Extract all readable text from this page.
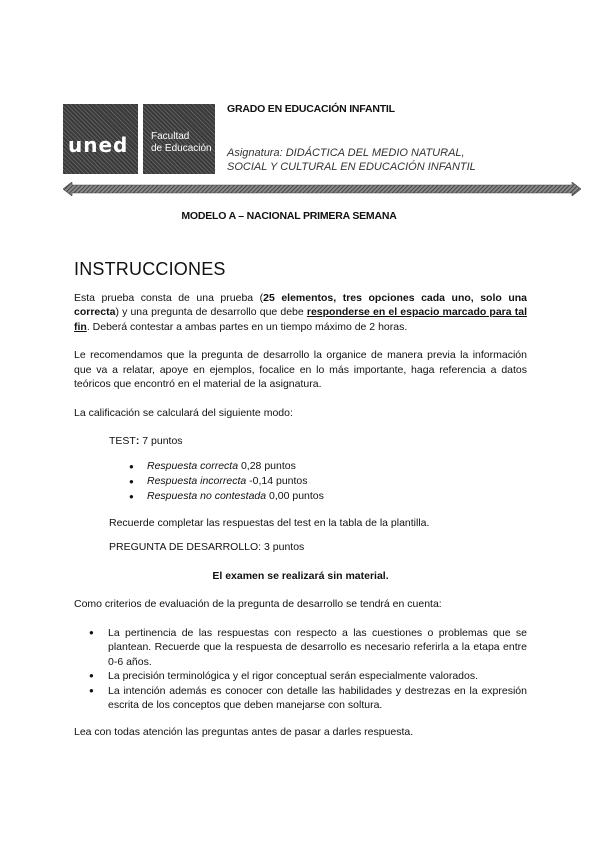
uned Facultad
de Educación
GRADO EN EDUCACIÓN INFANTIL
Asignatura: DIDÁCTICA DEL MEDIO NATURAL,
SOCIAL Y CULTURAL EN EDUCACIÓN INFANTIL
MODELO A – NACIONAL PRIMERA SEMANA
INSTRUCCIONES

Esta prueba consta de una prueba (25 elementos, tres opciones cada uno, solo una correcta) y una pregunta de desarrollo que debe responderse en el espacio marcado para tal fin. Deberá contestar a ambas partes en un tiempo máximo de 2 horas.

Le recomendamos que la pregunta de desarrollo la organice de manera previa la información que va a relatar, apoye en ejemplos, focalice en lo más importante, haga referencia a datos teóricos que encontró en el material de la asignatura.

La calificación se calculará del siguiente modo:

TEST: 7 puntos

● Respuesta correcta 0,28 puntos
● Respuesta incorrecta -0,14 puntos
● Respuesta no contestada 0,00 puntos

Recuerde completar las respuestas del test en la tabla de la plantilla.

PREGUNTA DE DESARROLLO: 3 puntos

El examen se realizará sin material.

Como criterios de evaluación de la pregunta de desarrollo se tendrá en cuenta:

● La pertinencia de las respuestas con respecto a las cuestiones o problemas que se plantean. Recuerde que la respuesta de desarrollo es necesario referirla a la etapa entre 0-6 años.
● La precisión terminológica y el rigor conceptual serán especialmente valorados.
● La intención además es conocer con detalle las habilidades y destrezas en la expresión escrita de los conceptos que deben manejarse con soltura.

Lea con todas atención las preguntas antes de pasar a darles respuesta.
